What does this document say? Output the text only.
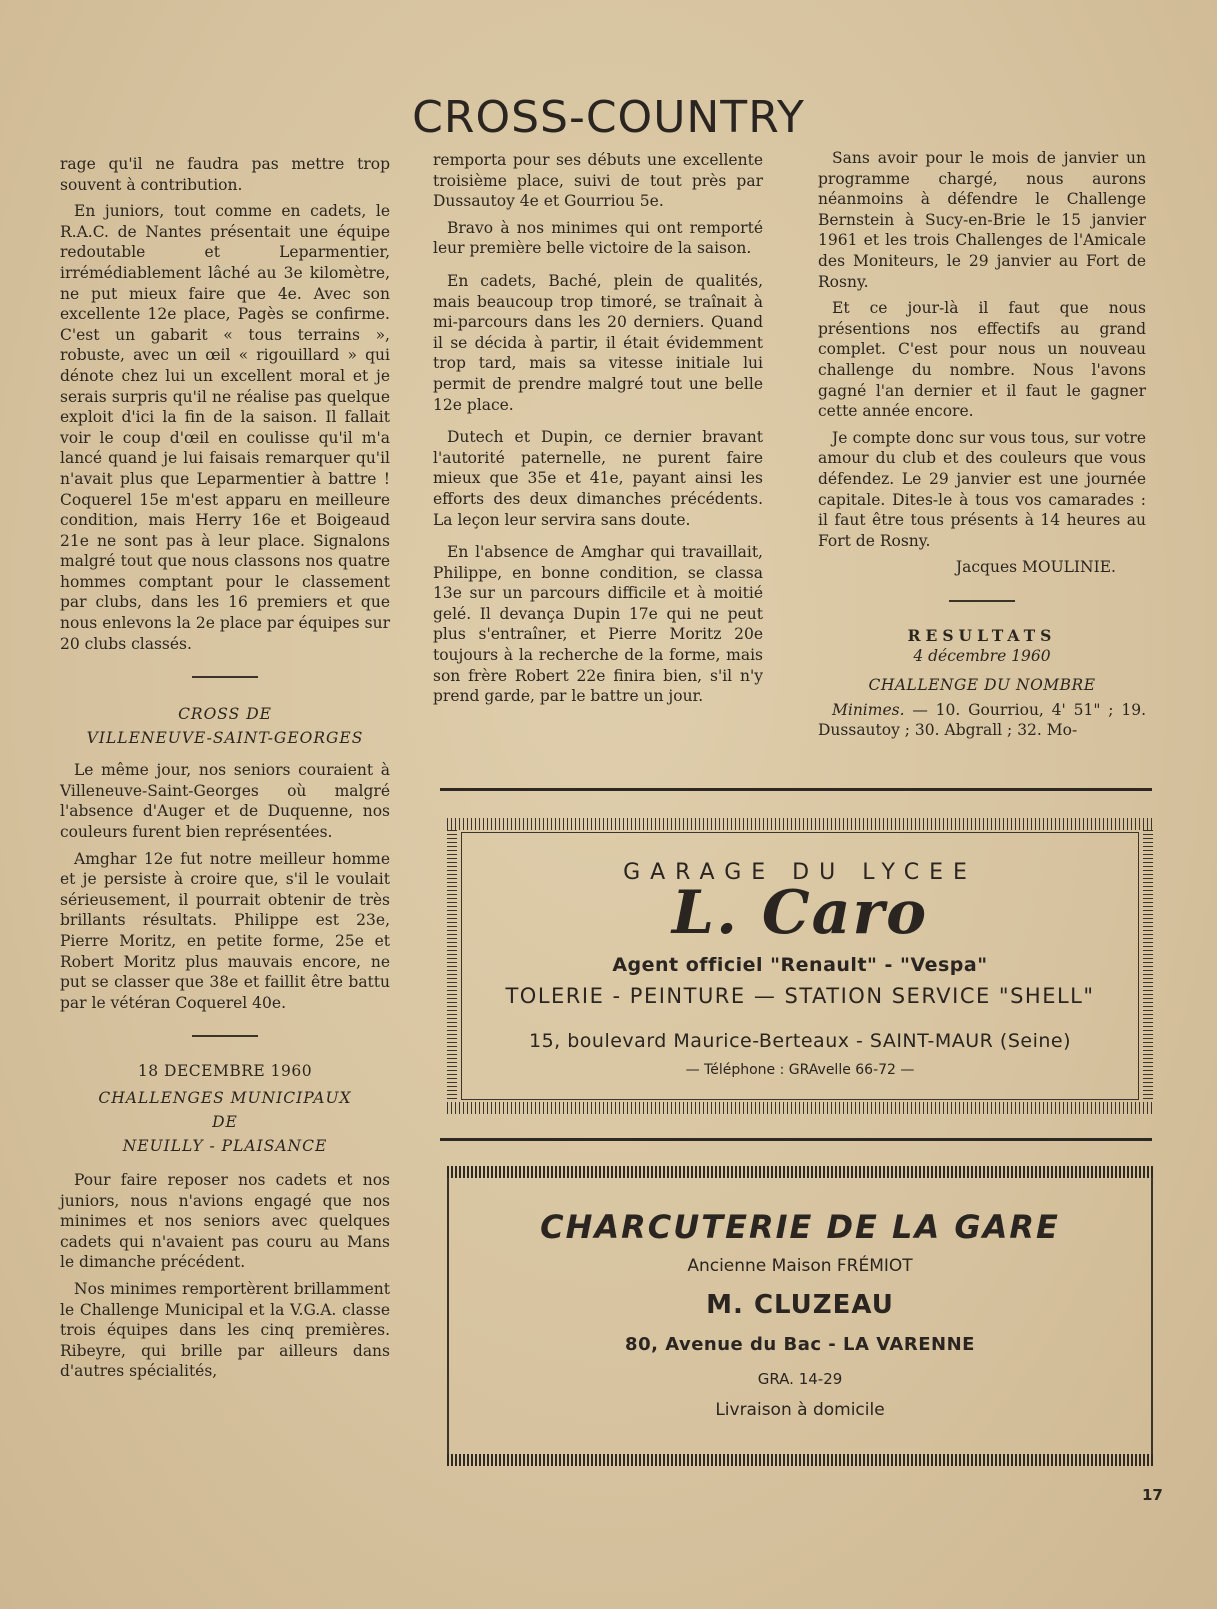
CROSS-COUNTRY

rage qu'il ne faudra pas mettre trop souvent à contribution.

En juniors, tout comme en cadets, le R.A.C. de Nantes présentait une équipe redoutable et Leparmentier, irrémédiablement lâché au 3e kilomètre, ne put mieux faire que 4e. Avec son excellente 12e place, Pagès se confirme. C'est un gabarit « tous terrains », robuste, avec un œil « rigouillard » qui dénote chez lui un excellent moral et je serais surpris qu'il ne réalise pas quelque exploit d'ici la fin de la saison. Il fallait voir le coup d'œil en coulisse qu'il m'a lancé quand je lui faisais remarquer qu'il n'avait plus que Leparmentier à battre ! Coquerel 15e m'est apparu en meilleure condition, mais Herry 16e et Boigeaud 21e ne sont pas à leur place. Signalons malgré tout que nous classons nos quatre hommes comptant pour le classement par clubs, dans les 16 premiers et que nous enlevons la 2e place par équipes sur 20 clubs classés.

CROSS DE
VILLENEUVE-SAINT-GEORGES

Le même jour, nos seniors couraient à Villeneuve-Saint-Georges où malgré l'absence d'Auger et de Duquenne, nos couleurs furent bien représentées.

Amghar 12e fut notre meilleur homme et je persiste à croire que, s'il le voulait sérieusement, il pourrait obtenir de très brillants résultats. Philippe est 23e, Pierre Moritz, en petite forme, 25e et Robert Moritz plus mauvais encore, ne put se classer que 38e et faillit être battu par le vétéran Coquerel 40e.

18 DECEMBRE 1960
CHALLENGES MUNICIPAUX
DE
NEUILLY - PLAISANCE

Pour faire reposer nos cadets et nos juniors, nous n'avions engagé que nos minimes et nos seniors avec quelques cadets qui n'avaient pas couru au Mans le dimanche précédent.

Nos minimes remportèrent brillamment le Challenge Municipal et la V.G.A. classe trois équipes dans les cinq premières. Ribeyre, qui brille par ailleurs dans d'autres spécialités,

remporta pour ses débuts une excellente troisième place, suivi de tout près par Dussautoy 4e et Gourriou 5e.

Bravo à nos minimes qui ont remporté leur première belle victoire de la saison.

En cadets, Baché, plein de qualités, mais beaucoup trop timoré, se traînait à mi-parcours dans les 20 derniers. Quand il se décida à partir, il était évidemment trop tard, mais sa vitesse initiale lui permit de prendre malgré tout une belle 12e place.

Dutech et Dupin, ce dernier bravant l'autorité paternelle, ne purent faire mieux que 35e et 41e, payant ainsi les efforts des deux dimanches précédents. La leçon leur servira sans doute.

En l'absence de Amghar qui travaillait, Philippe, en bonne condition, se classa 13e sur un parcours difficile et à moitié gelé. Il devança Dupin 17e qui ne peut plus s'entraîner, et Pierre Moritz 20e toujours à la recherche de la forme, mais son frère Robert 22e finira bien, s'il n'y prend garde, par le battre un jour.

Sans avoir pour le mois de janvier un programme chargé, nous aurons néanmoins à défendre le Challenge Bernstein à Sucy-en-Brie le 15 janvier 1961 et les trois Challenges de l'Amicale des Moniteurs, le 29 janvier au Fort de Rosny.

Et ce jour-là il faut que nous présentions nos effectifs au grand complet. C'est pour nous un nouveau challenge du nombre. Nous l'avons gagné l'an dernier et il faut le gagner cette année encore.

Je compte donc sur vous tous, sur votre amour du club et des couleurs que vous défendez. Le 29 janvier est une journée capitale. Dites-le à tous vos camarades : il faut être tous présents à 14 heures au Fort de Rosny.

Jacques MOULINIE.
RESULTATS
4 décembre 1960
CHALLENGE DU NOMBRE

Minimes. — 10. Gourriou, 4' 51" ; 19. Dussautoy ; 30. Abgrall ; 32. Mo-

GARAGE DU LYCEE
L. Caro
Agent officiel "Renault" - "Vespa"
TOLERIE - PEINTURE — STATION SERVICE "SHELL"
15, boulevard Maurice-Berteaux - SAINT-MAUR (Seine)
— Téléphone : GRAvelle 66-72 —
CHARCUTERIE DE LA GARE
Ancienne Maison FRÉMIOT
M. CLUZEAU
80, Avenue du Bac - LA VARENNE
GRA. 14-29
Livraison à domicile
17
